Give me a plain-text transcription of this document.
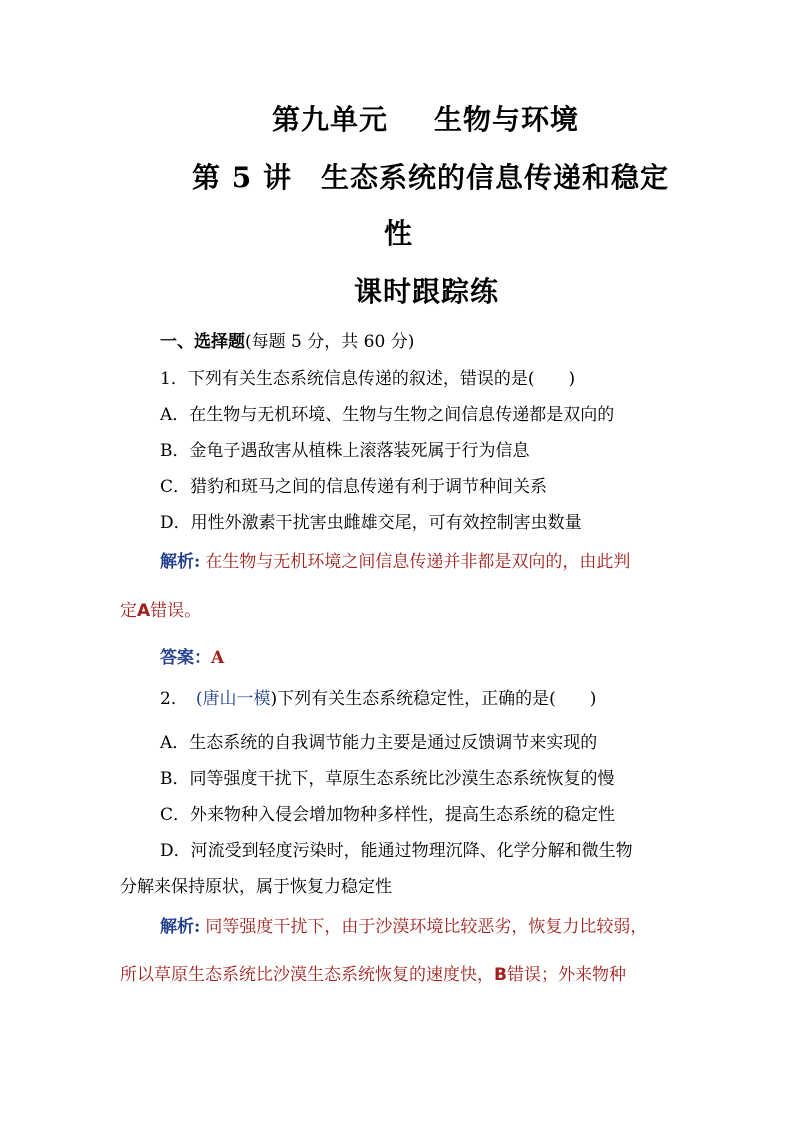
第九单元 生物与环境
第 5 讲　生态系统的信息传递和稳定
性
课时跟踪练
一、选择题(每题 5 分，共 60 分)
1．下列有关生态系统信息传递的叙述，错误的是(　　)
A．在生物与无机环境、生物与生物之间信息传递都是双向的
B．金龟子遇敌害从植株上滚落装死属于行为信息
C．猎豹和斑马之间的信息传递有利于调节种间关系
D．用性外激素干扰害虫雌雄交尾，可有效控制害虫数量
解析: 在生物与无机环境之间信息传递并非都是双向的，由此判
定A错误。
答案：A
2． (唐山一模)下列有关生态系统稳定性，正确的是(　　)
A．生态系统的自我调节能力主要是通过反馈调节来实现的
B．同等强度干扰下，草原生态系统比沙漠生态系统恢复的慢
C．外来物种入侵会增加物种多样性，提高生态系统的稳定性
D．河流受到轻度污染时，能通过物理沉降、化学分解和微生物
分解来保持原状，属于恢复力稳定性
解析: 同等强度干扰下，由于沙漠环境比较恶劣，恢复力比较弱，
所以草原生态系统比沙漠生态系统恢复的速度快，B错误；外来物种
